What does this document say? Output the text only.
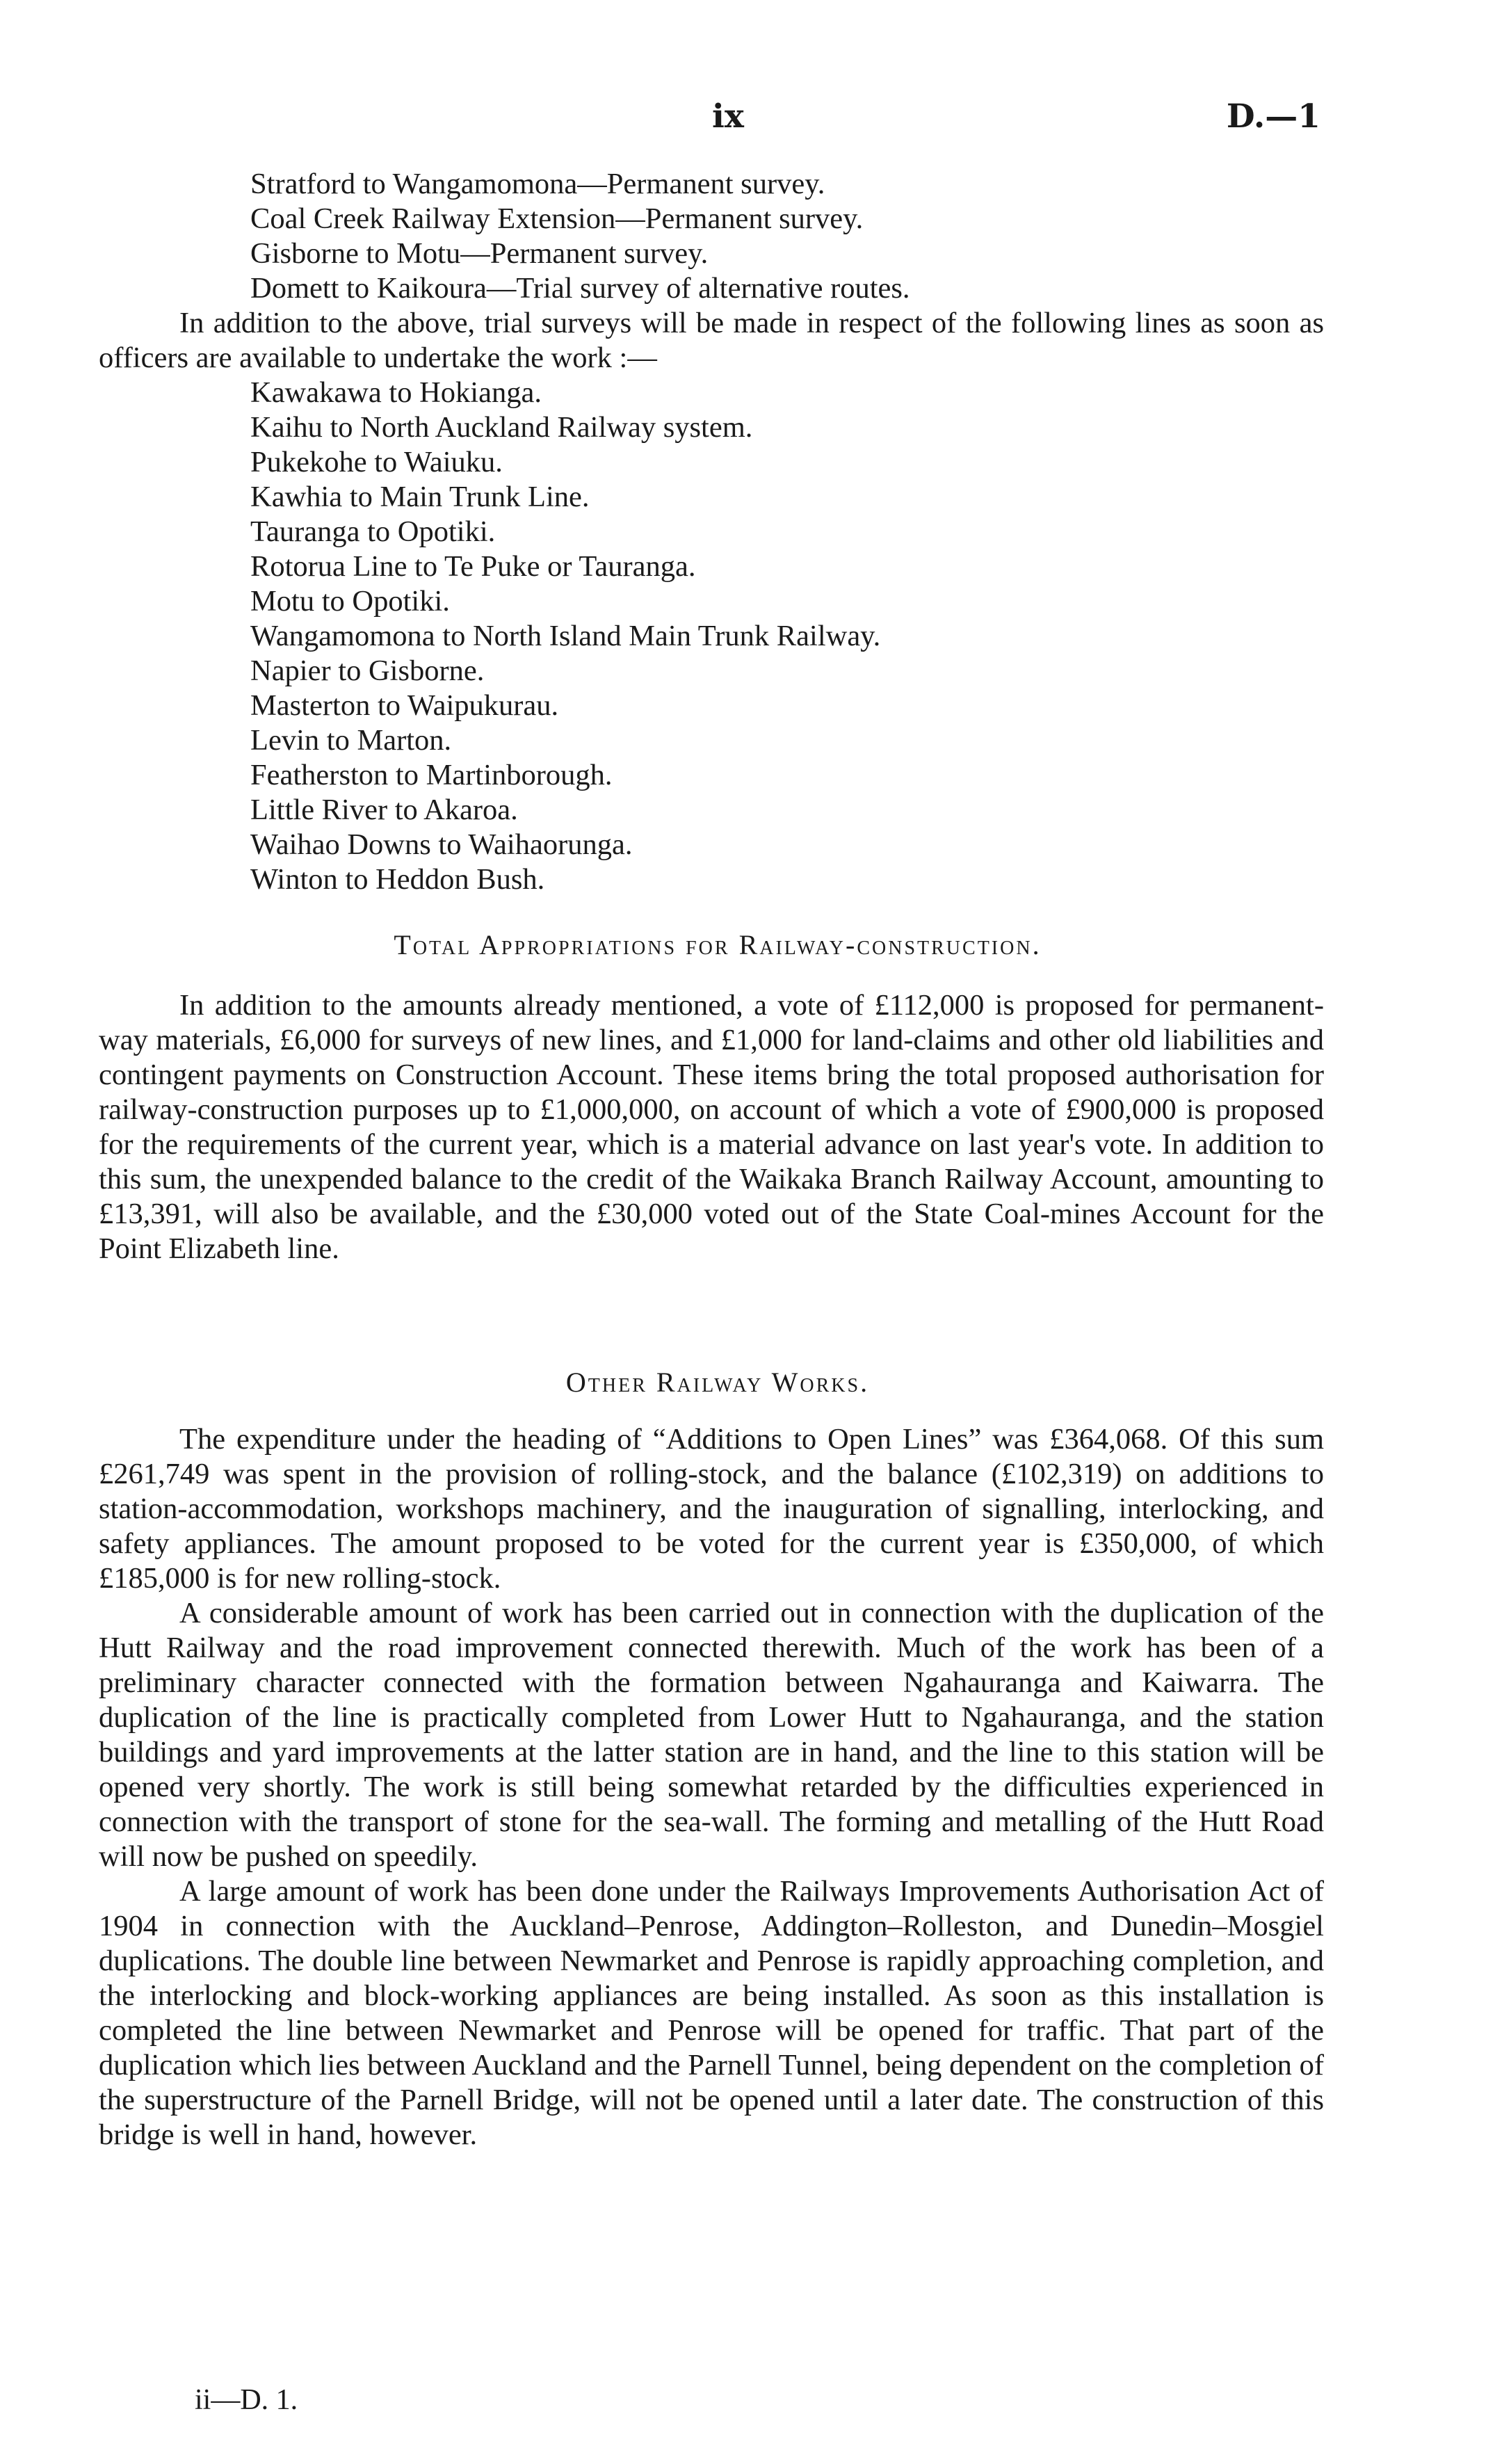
ix	D.—1
Stratford to Wangamomona—Permanent survey.
Coal Creek Railway Extension—Permanent survey.
Gisborne to Motu—Permanent survey.
Domett to Kaikoura—Trial survey of alternative routes.

In addition to the above, trial surveys will be made in respect of the following lines as soon as officers are available to undertake the work :—

Kawakawa to Hokianga.
Kaihu to North Auckland Railway system.
Pukekohe to Waiuku.
Kawhia to Main Trunk Line.
Tauranga to Opotiki.
Rotorua Line to Te Puke or Tauranga.
Motu to Opotiki.
Wangamomona to North Island Main Trunk Railway.
Napier to Gisborne.
Masterton to Waipukurau.
Levin to Marton.
Featherston to Martinborough.
Little River to Akaroa.
Waihao Downs to Waihaorunga.
Winton to Heddon Bush.

Total Appropriations for Railway-construction.

In addition to the amounts already mentioned, a vote of £112,000 is proposed for permanent-way materials, £6,000 for surveys of new lines, and £1,000 for land-claims and other old liabilities and contingent payments on Construction Account. These items bring the total proposed authorisation for railway-construction purposes up to £1,000,000, on account of which a vote of £900,000 is proposed for the requirements of the current year, which is a material advance on last year's vote. In addition to this sum, the unexpended balance to the credit of the Waikaka Branch Railway Account, amounting to £13,391, will also be available, and the £30,000 voted out of the State Coal-mines Account for the Point Elizabeth line.

Other Railway Works.

The expenditure under the heading of “Additions to Open Lines” was £364,068. Of this sum £261,749 was spent in the provision of rolling-stock, and the balance (£102,319) on additions to station-accommodation, workshops machinery, and the inauguration of signalling, interlocking, and safety appliances. The amount proposed to be voted for the current year is £350,000, of which £185,000 is for new rolling-stock.

A considerable amount of work has been carried out in connection with the duplication of the Hutt Railway and the road improvement connected therewith. Much of the work has been of a preliminary character connected with the formation between Ngahauranga and Kaiwarra. The duplication of the line is practically completed from Lower Hutt to Ngahauranga, and the station buildings and yard improvements at the latter station are in hand, and the line to this station will be opened very shortly. The work is still being somewhat retarded by the difficulties experienced in connection with the transport of stone for the sea-wall. The forming and metalling of the Hutt Road will now be pushed on speedily.

A large amount of work has been done under the Railways Improvements Authorisation Act of 1904 in connection with the Auckland–Penrose, Addington–Rolleston, and Dunedin–Mosgiel duplications. The double line between Newmarket and Penrose is rapidly approaching completion, and the interlocking and block-working appliances are being installed. As soon as this installation is completed the line between Newmarket and Penrose will be opened for traffic. That part of the duplication which lies between Auckland and the Parnell Tunnel, being dependent on the completion of the superstructure of the Parnell Bridge, will not be opened until a later date. The construction of this bridge is well in hand, however.

ii—D. 1.
